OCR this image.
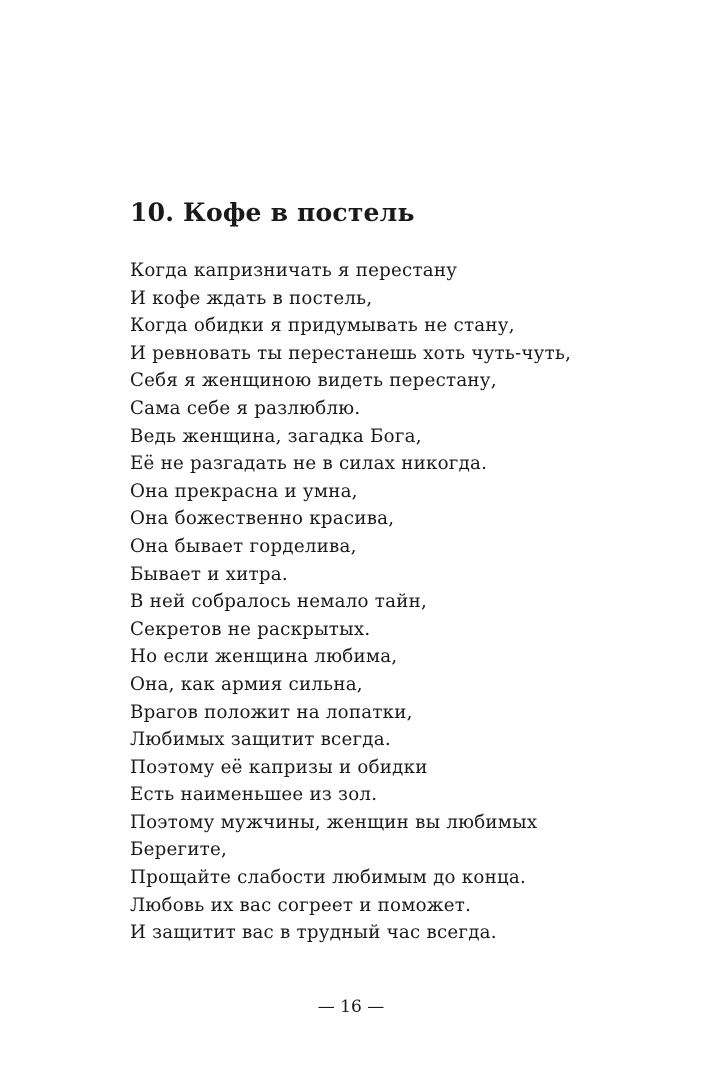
10. Кофе в постель
Когда капризничать я перестану
И кофе ждать в постель,
Когда обидки я придумывать не стану,
И ревновать ты перестанешь хоть чуть-чуть,
Себя я женщиною видеть перестану,
Сама себе я разлюблю.
Ведь женщина, загадка Бога,
Её не разгадать не в силах никогда.
Она прекрасна и умна,
Она божественно красива,
Она бывает горделива,
Бывает и хитра.
В ней собралось немало тайн,
Секретов не раскрытых.
Но если женщина любима,
Она, как армия сильна,
Врагов положит на лопатки,
Любимых защитит всегда.
Поэтому её капризы и обидки
Есть наименьшее из зол.
Поэтому мужчины, женщин вы любимых
Берегите,
Прощайте слабости любимым до конца.
Любовь их вас согреет и поможет.
И защитит вас в трудный час всегда.
— 16 —
